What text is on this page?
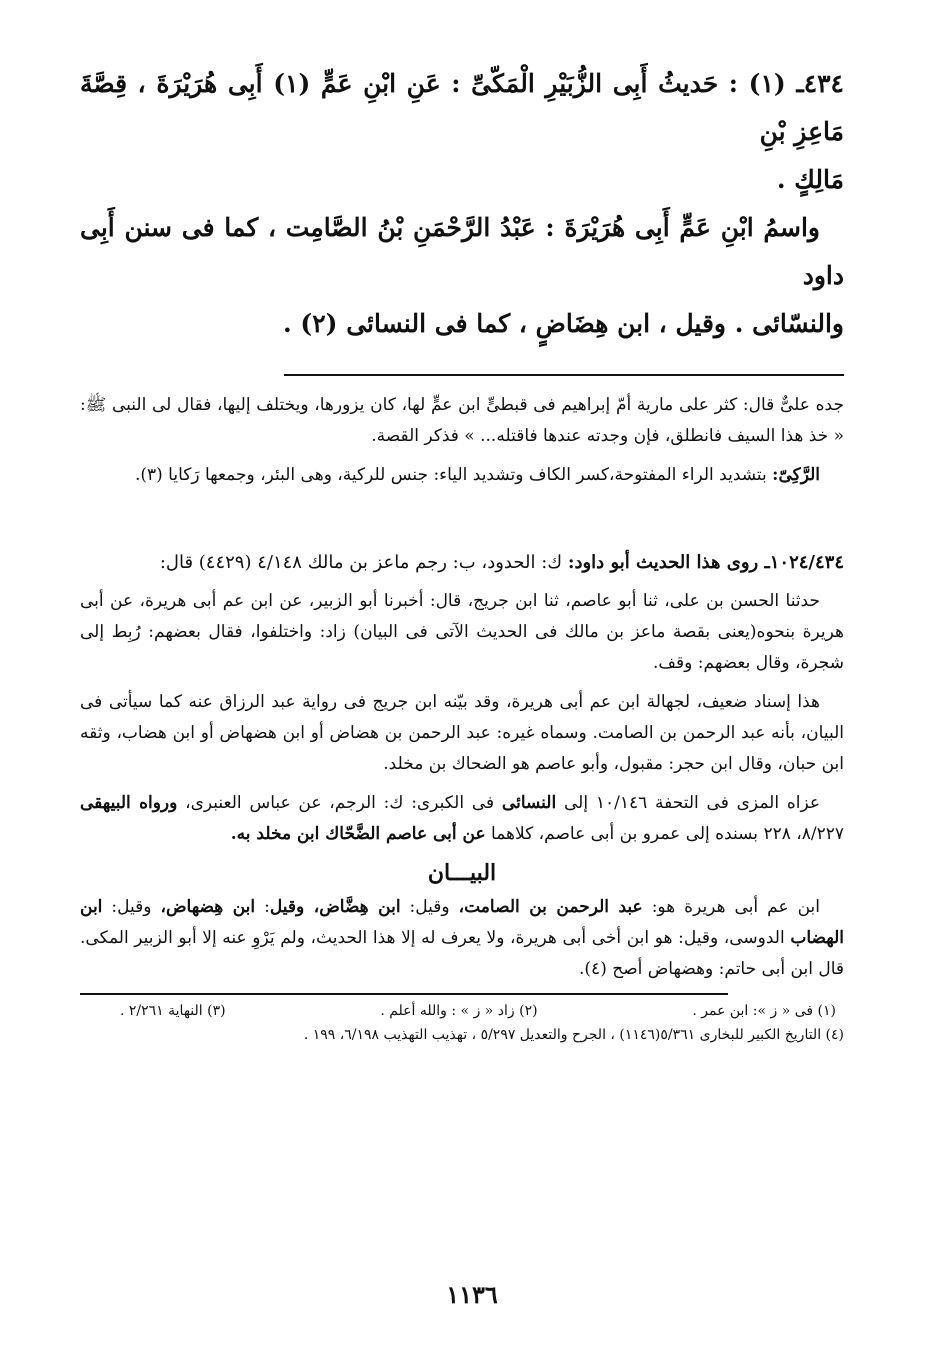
٤٣٤ـ (١) : حَديثُ أَبِى الزُّبَيْرِ الْمَكّىِّ : عَنِ ابْنِ عَمٍّ (١) أَبِى هُرَيْرَةَ ، قِصَّةَ مَاعِزِ بْنِ

مَالِكٍ .

واسمُ ابْنِ عَمٍّ أَبِى هُرَيْرَةَ : عَبْدُ الرَّحْمَنِ بْنُ الصَّامِت ، كما فى سنن أَبِى داود

والنسّائى . وقيل ، ابن هِضَاضٍ ، كما فى النسائى (٢) .

جده علىٌّ قال: كثر على مارية أمّ إبراهيم فى قبطىٍّ ابن عمٍّ لها، كان يزورها، ويختلف إليها، فقال لى النبى ﷺ: « خذ هذا السيف فانطلق، فإن وجدته عندها فاقتله... » فذكر القصة.

الرَّكِىّ: بتشديد الراء المفتوحة،كسر الكاف وتشديد الياء: جنس للركية، وهى البئر، وجمعها رَكايا (٣).

١٠٢٤/٤٣٤ـ روى هذا الحديث أبو داود: ك: الحدود، ب: رجم ماعز بن مالك ٤/١٤٨ (٤٤٢٩) قال:

حدثنا الحسن بن على، ثنا أبو عاصم، ثنا ابن جريج، قال: أخبرنا أبو الزبير، عن ابن عم أبى هريرة، عن أبى هريرة بنحوه(يعنى بقصة ماعز بن مالك فى الحديث الآتى فى البيان) زاد: واختلفوا، فقال بعضهم: رُبِط إلى شجرة، وقال بعضهم: وقف.

هذا إسناد ضعيف، لجهالة ابن عم أبى هريرة، وقد بيّنه ابن جريج فى رواية عبد الرزاق عنه كما سيأتى فى البيان، بأنه عبد الرحمن بن الصامت. وسماه غيره: عبد الرحمن بن هضاض أو ابن هضهاض أو ابن هضاب، وثقه ابن حبان، وقال ابن حجر: مقبول، وأبو عاصم هو الضحاك بن مخلد.

عزاه المزى فى التحفة ١٠/١٤٦ إلى النسائى فى الكبرى: ك: الرجم، عن عباس العنبرى، ورواه البيهقى ٨/٢٢٧، ٢٢٨ بسنده إلى عمرو بن أبى عاصم، كلاهما عن أبى عاصم الضَّحّاك ابن مخلد به.

البيـــان

ابن عم أبى هريرة هو: عبد الرحمن بن الصامت، وقيل: ابن هِضَّاض، وقيل: ابن هِضهاض، وقيل: ابن الهضاب الدوسى، وقيل: هو ابن أخى أبى هريرة، ولا يعرف له إلا هذا الحديث، ولم يَرْوِ عنه إلا أبو الزبير المكى. قال ابن أبى حاتم: وهضهاض أصح (٤).

(١) فى « ز »: ابن عمر .
(٢) زاد « ز » : والله أعلم .
(٣) النهاية ٢/٢٦١ .
(٤) التاريخ الكبير للبخارى ٥/٣٦١(١١٤٦) ، الجرح والتعديل ٥/٢٩٧ ، تهذيب التهذيب ٦/١٩٨، ١٩٩ .
١١٣٦
